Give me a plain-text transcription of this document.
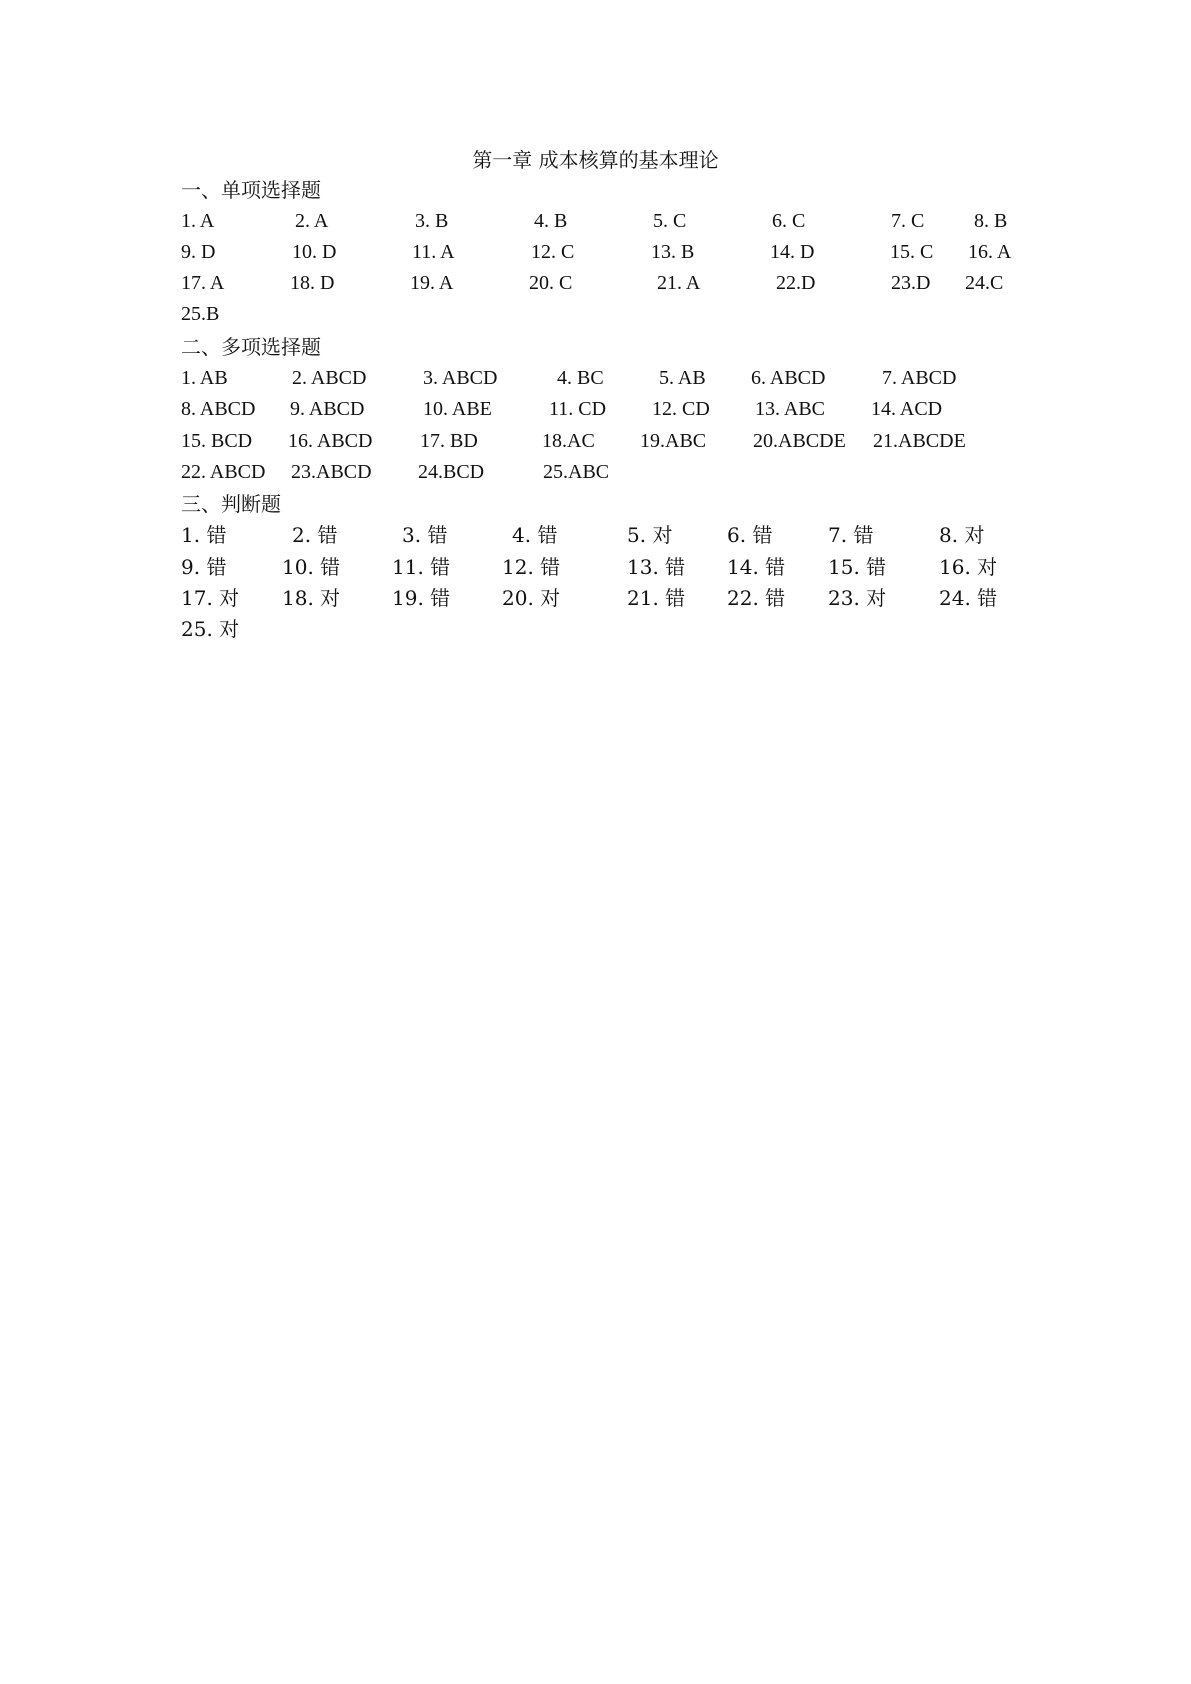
第一章 成本核算的基本理论
一、单项选择题
1. A	2. A	3. B	4. B	5. C	6. C	7. C 8. B
9. D	10. D	11. A	12. C	13. B	14. D	15. C 16. A
17. A	18. D	19. A	20. C	21. A	22.D	23.D 24.C
25.B
二、多项选择题
1. AB	2. ABCD	3. ABCD	4. BC	5. AB 6. ABCD	7. ABCD
8. ABCD 9. ABCD	10. ABE	11. CD 12. CD 13. ABC 14. ACD
15. BCD 16. ABCD 17. BD	18.AC 19.ABC 20.ABCDE 21.ABCDE
22. ABCD 23.ABCD 24.BCD	25.ABC
三、判断题
1. 错	2. 错	3. 错	4. 错	5. 对	6. 错	7. 错	8. 对
9. 错	10. 错	11. 错	12. 错	13. 错 14. 错 15. 错	16. 对
17. 对 18. 对	19. 错	20. 对	21. 错 22. 错 23. 对	24. 错
25. 对
